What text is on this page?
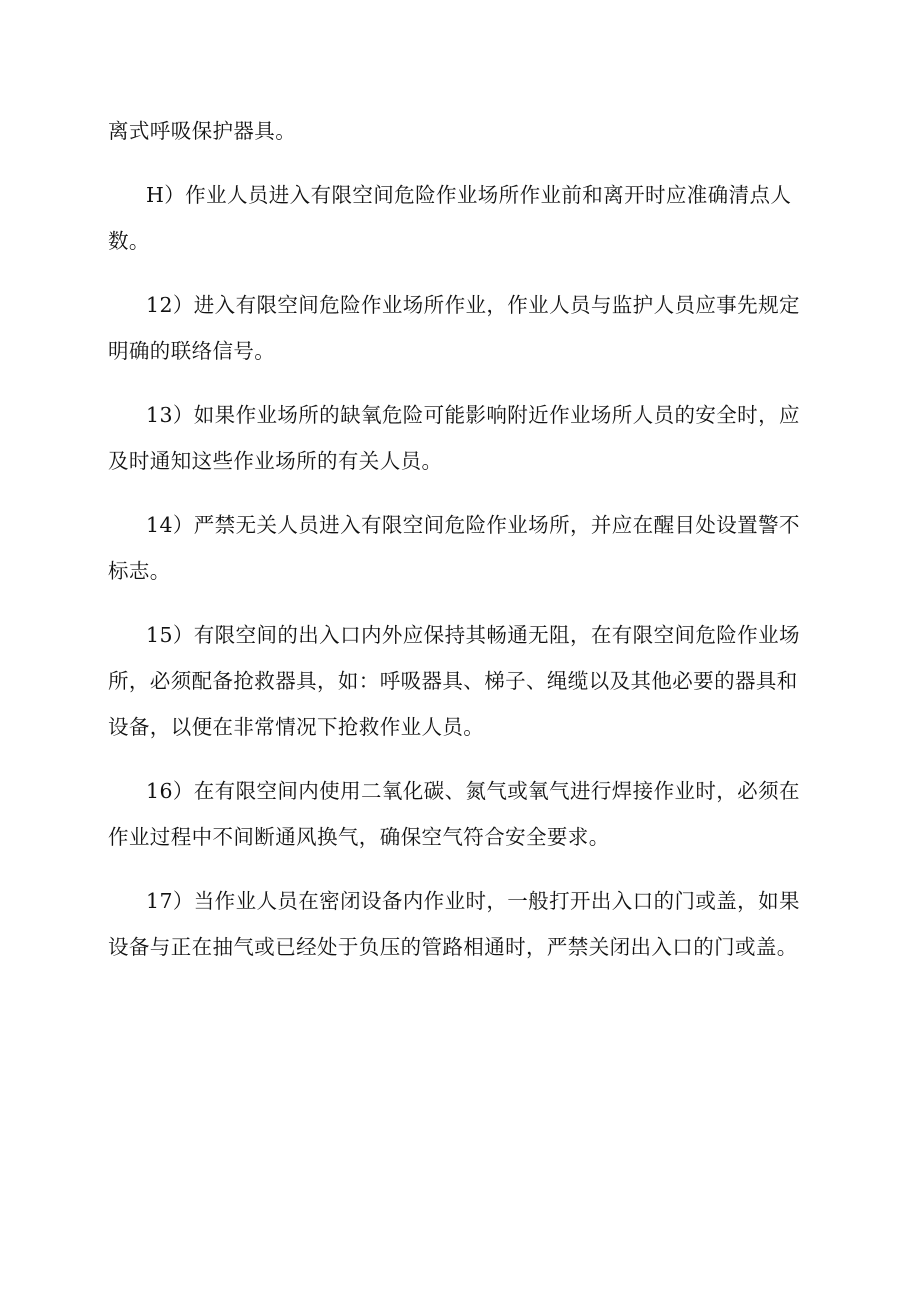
离式呼吸保护器具。
H）作业人员进入有限空间危险作业场所作业前和离开时应准确清点人
数。
12）进入有限空间危险作业场所作业，作业人员与监护人员应事先规定
明确的联络信号。
13）如果作业场所的缺氧危险可能影响附近作业场所人员的安全时，应
及时通知这些作业场所的有关人员。
14）严禁无关人员进入有限空间危险作业场所，并应在醒目处设置警不
标志。
15）有限空间的出入口内外应保持其畅通无阻，在有限空间危险作业场
所，必须配备抢救器具，如：呼吸器具、梯子、绳缆以及其他必要的器具和
设备，以便在非常情况下抢救作业人员。
16）在有限空间内使用二氧化碳、氮气或氧气进行焊接作业时，必须在
作业过程中不间断通风换气，确保空气符合安全要求。
17）当作业人员在密闭设备内作业时，一般打开出入口的门或盖，如果
设备与正在抽气或已经处于负压的管路相通时，严禁关闭出入口的门或盖。
